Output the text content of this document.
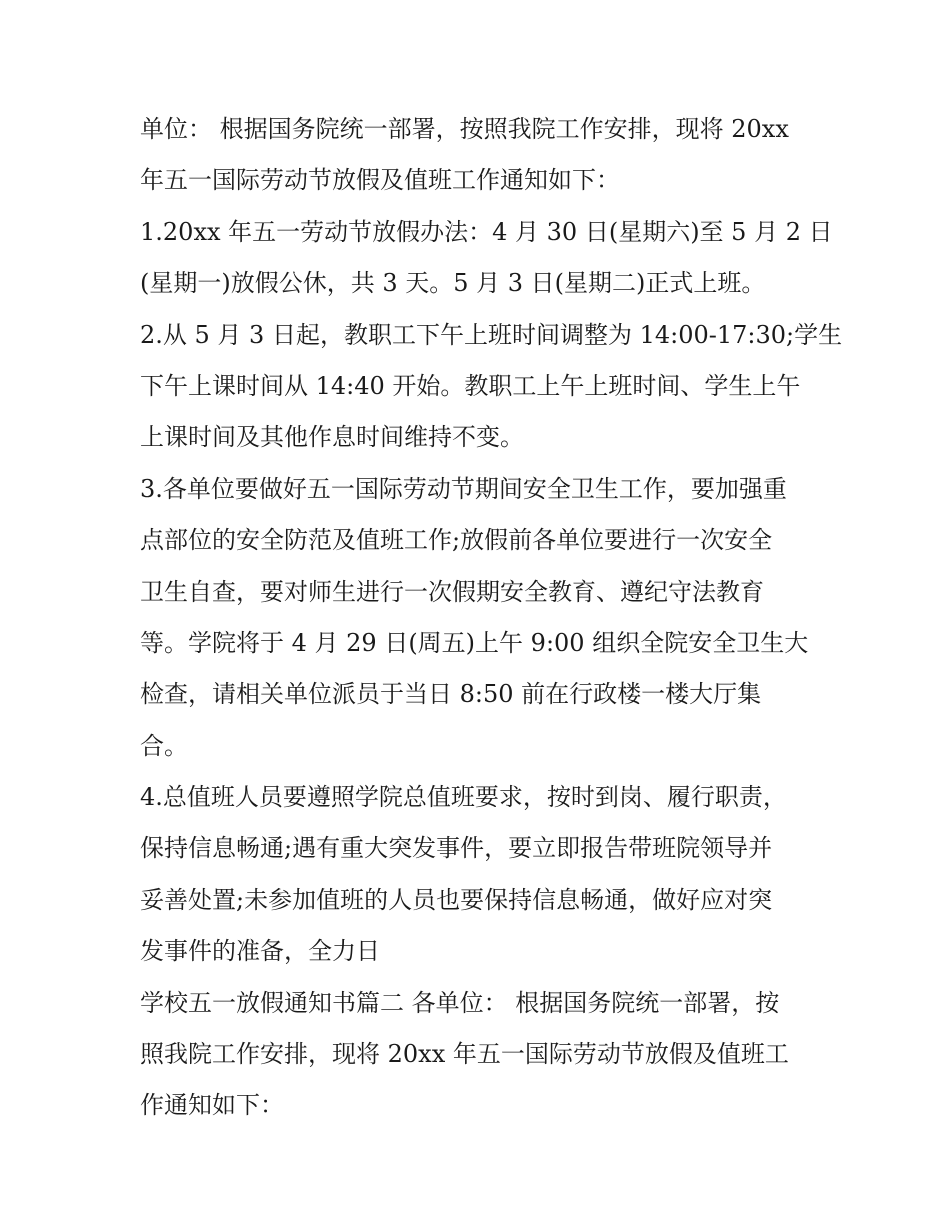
单位： 根据国务院统一部署，按照我院工作安排，现将 20xx
年五一国际劳动节放假及值班工作通知如下：
1.20xx 年五一劳动节放假办法：4 月 30 日(星期六)至 5 月 2 日
(星期一)放假公休，共 3 天。5 月 3 日(星期二)正式上班。
2.从 5 月 3 日起，教职工下午上班时间调整为 14:00-17:30;学生
下午上课时间从 14:40 开始。教职工上午上班时间、学生上午
上课时间及其他作息时间维持不变。
3.各单位要做好五一国际劳动节期间安全卫生工作，要加强重
点部位的安全防范及值班工作;放假前各单位要进行一次安全
卫生自查，要对师生进行一次假期安全教育、遵纪守法教育
等。学院将于 4 月 29 日(周五)上午 9:00 组织全院安全卫生大
检查，请相关单位派员于当日 8:50 前在行政楼一楼大厅集
合。
4.总值班人员要遵照学院总值班要求，按时到岗、履行职责，
保持信息畅通;遇有重大突发事件，要立即报告带班院领导并
妥善处置;未参加值班的人员也要保持信息畅通，做好应对突
发事件的准备，全力日
学校五一放假通知书篇二 各单位： 根据国务院统一部署，按
照我院工作安排，现将 20xx 年五一国际劳动节放假及值班工
作通知如下：
